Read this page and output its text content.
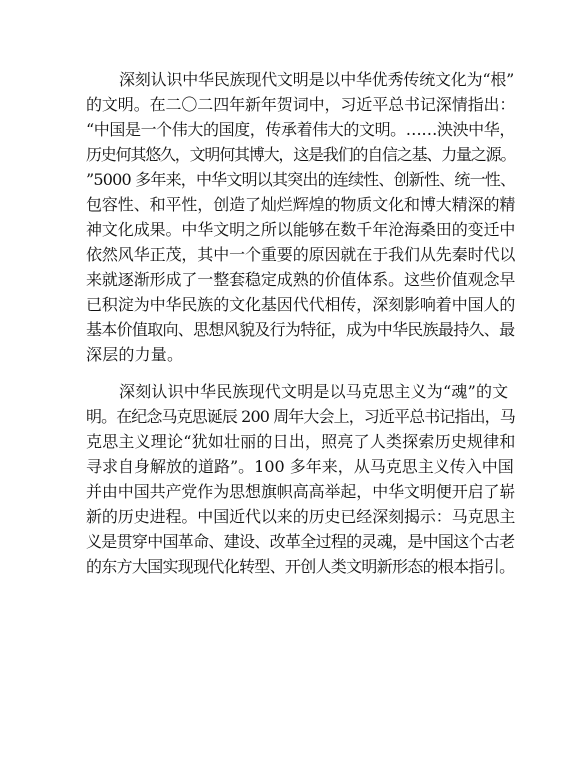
深刻认识中华民族现代文明是以中华优秀传统文化为“根”
的文明。在二〇二四年新年贺词中，习近平总书记深情指出：
“中国是一个伟大的国度，传承着伟大的文明。……泱泱中华，
历史何其悠久，文明何其博大，这是我们的自信之基、力量之源。
”5000 多年来，中华文明以其突出的连续性、创新性、统一性、
包容性、和平性，创造了灿烂辉煌的物质文化和博大精深的精
神文化成果。中华文明之所以能够在数千年沧海桑田的变迁中
依然风华正茂，其中一个重要的原因就在于我们从先秦时代以
来就逐渐形成了一整套稳定成熟的价值体系。这些价值观念早
已积淀为中华民族的文化基因代代相传，深刻影响着中国人的
基本价值取向、思想风貌及行为特征，成为中华民族最持久、最
深层的力量。
深刻认识中华民族现代文明是以马克思主义为“魂”的文
明。在纪念马克思诞辰 200 周年大会上，习近平总书记指出，马
克思主义理论“犹如壮丽的日出，照亮了人类探索历史规律和
寻求自身解放的道路”。100 多年来，从马克思主义传入中国
并由中国共产党作为思想旗帜高高举起，中华文明便开启了崭
新的历史进程。中国近代以来的历史已经深刻揭示：马克思主
义是贯穿中国革命、建设、改革全过程的灵魂，是中国这个古老
的东方大国实现现代化转型、开创人类文明新形态的根本指引。
